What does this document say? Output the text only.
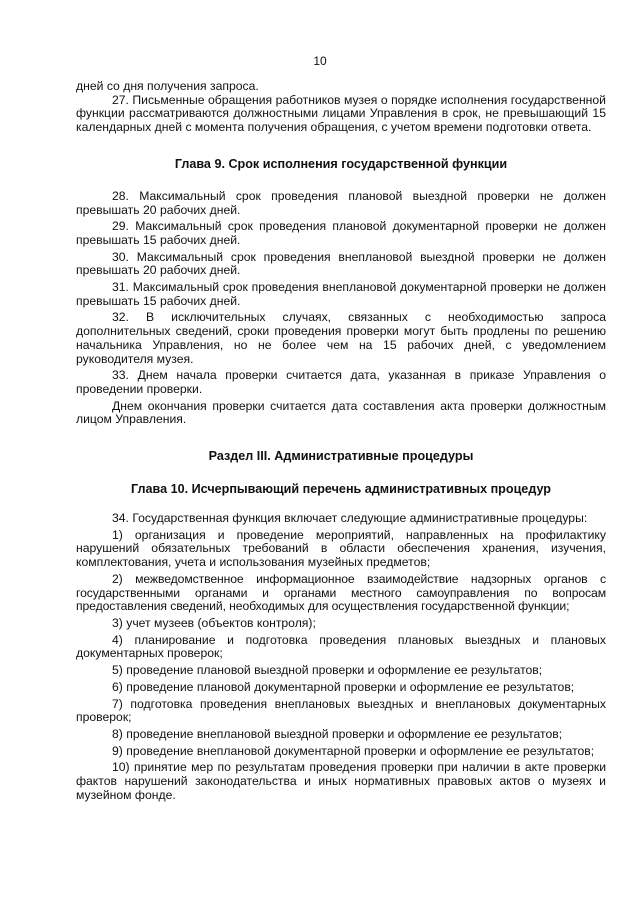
10

дней со дня получения запроса.

27. Письменные обращения работников музея о порядке исполнения государственной функции рассматриваются должностными лицами Управления в срок, не превышающий 15 календарных дней с момента получения обращения, с учетом времени подготовки ответа.

Глава 9. Срок исполнения государственной функции

28. Максимальный срок проведения плановой выездной проверки не должен превышать 20 рабочих дней.

29. Максимальный срок проведения плановой документарной проверки не должен превышать 15 рабочих дней.

30. Максимальный срок проведения внеплановой выездной проверки не должен превышать 20 рабочих дней.

31. Максимальный срок проведения внеплановой документарной проверки не должен превышать 15 рабочих дней.

32. В исключительных случаях, связанных с необходимостью запроса дополнительных сведений, сроки проведения проверки могут быть продлены по решению начальника Управления, но не более чем на 15 рабочих дней, с уведомлением руководителя музея.

33. Днем начала проверки считается дата, указанная в приказе Управления о проведении проверки.

Днем окончания проверки считается дата составления акта проверки должностным лицом Управления.

Раздел III. Административные процедуры
Глава 10. Исчерпывающий перечень административных процедур

34. Государственная функция включает следующие административные процедуры:

1) организация и проведение мероприятий, направленных на профилактику нарушений обязательных требований в области обеспечения хранения, изучения, комплектования, учета и использования музейных предметов;

2) межведомственное информационное взаимодействие надзорных органов с государственными органами и органами местного самоуправления по вопросам предоставления сведений, необходимых для осуществления государственной функции;

3) учет музеев (объектов контроля);

4) планирование и подготовка проведения плановых выездных и плановых документарных проверок;

5) проведение плановой выездной проверки и оформление ее результатов;

6) проведение плановой документарной проверки и оформление ее результатов;

7) подготовка проведения внеплановых выездных и внеплановых документарных проверок;

8) проведение внеплановой выездной проверки и оформление ее результатов;

9) проведение внеплановой документарной проверки и оформление ее результатов;

10) принятие мер по результатам проведения проверки при наличии в акте проверки фактов нарушений законодательства и иных нормативных правовых актов о музеях и музейном фонде.
